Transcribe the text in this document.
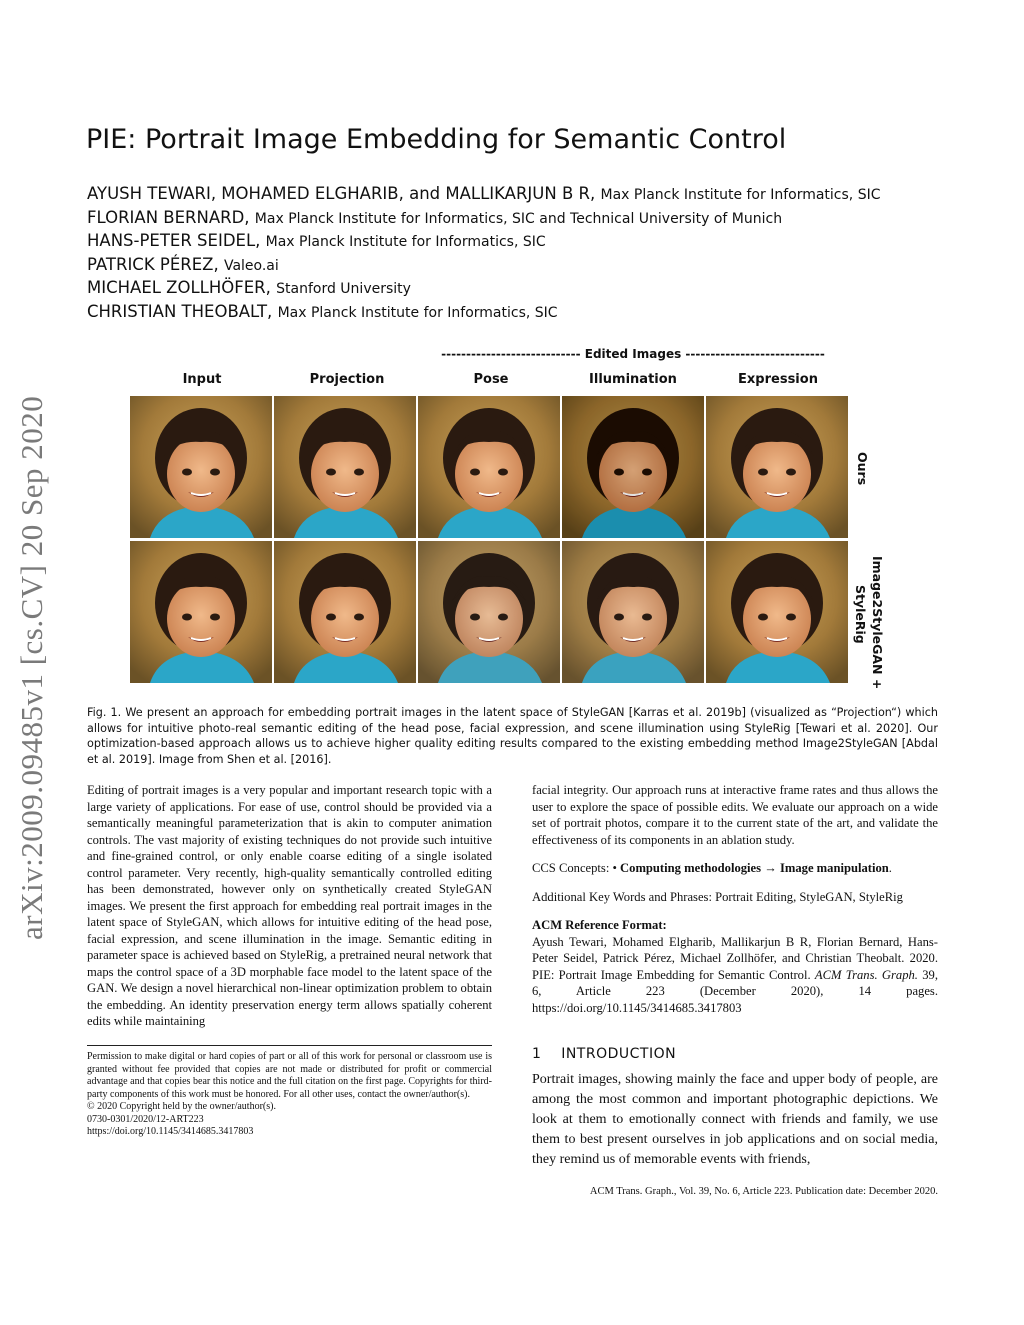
arXiv:2009.09485v1 [cs.CV] 20 Sep 2020
PIE: Portrait Image Embedding for Semantic Control
AYUSH TEWARI, MOHAMED ELGHARIB, and MALLIKARJUN B R, Max Planck Institute for Informatics, SIC
FLORIAN BERNARD, Max Planck Institute for Informatics, SIC and Technical University of Munich
HANS-PETER SEIDEL, Max Planck Institute for Informatics, SIC
PATRICK PÉREZ, Valeo.ai
MICHAEL ZOLLHÖFER, Stanford University
CHRISTIAN THEOBALT, Max Planck Institute for Informatics, SIC
---------------------------- Edited Images ----------------------------
Input	Projection	Pose	Illumination	Expression
Ours
Image2StyleGAN +
StyleRig
Fig. 1. We present an approach for embedding portrait images in the latent space of StyleGAN [Karras et al. 2019b] (visualized as “Projection“) which allows for intuitive photo-real semantic editing of the head pose, facial expression, and scene illumination using StyleRig [Tewari et al. 2020]. Our optimization-based approach allows us to achieve higher quality editing results compared to the existing embedding method Image2StyleGAN [Abdal et al. 2019]. Image from Shen et al. [2016].
Editing of portrait images is a very popular and important research topic with a large variety of applications. For ease of use, control should be provided via a semantically meaningful parameterization that is akin to computer animation controls. The vast majority of existing techniques do not provide such intuitive and fine-grained control, or only enable coarse editing of a single isolated control parameter. Very recently, high-quality semantically controlled editing has been demonstrated, however only on synthetically created StyleGAN images. We present the first approach for embedding real portrait images in the latent space of StyleGAN, which allows for intuitive editing of the head pose, facial expression, and scene illumination in the image. Semantic editing in parameter space is achieved based on StyleRig, a pretrained neural network that maps the control space of a 3D morphable face model to the latent space of the GAN. We design a novel hierarchical non-linear optimization problem to obtain the embedding. An identity preservation energy term allows spatially coherent edits while maintaining

facial integrity. Our approach runs at interactive frame rates and thus allows the user to explore the space of possible edits. We evaluate our approach on a wide set of portrait photos, compare it to the current state of the art, and validate the effectiveness of its components in an ablation study.

CCS Concepts: • Computing methodologies → Image manipulation.

Additional Key Words and Phrases: Portrait Editing, StyleGAN, StyleRig

ACM Reference Format:
Ayush Tewari, Mohamed Elgharib, Mallikarjun B R, Florian Bernard, Hans-Peter Seidel, Patrick Pérez, Michael Zollhöfer, and Christian Theobalt. 2020. PIE: Portrait Image Embedding for Semantic Control. ACM Trans. Graph. 39, 6, Article 223 (December 2020), 14 pages. https://doi.org/10.1145/3414685.3417803
Permission to make digital or hard copies of part or all of this work for personal or classroom use is granted without fee provided that copies are not made or distributed for profit or commercial advantage and that copies bear this notice and the full citation on the first page. Copyrights for third-party components of this work must be honored. For all other uses, contact the owner/author(s).
© 2020 Copyright held by the owner/author(s).
0730-0301/2020/12-ART223
https://doi.org/10.1145/3414685.3417803
1    INTRODUCTION
Portrait images, showing mainly the face and upper body of people, are among the most common and important photographic depictions. We look at them to emotionally connect with friends and family, we use them to best present ourselves in job applications and on social media, they remind us of memorable events with friends,
ACM Trans. Graph., Vol. 39, No. 6, Article 223. Publication date: December 2020.
